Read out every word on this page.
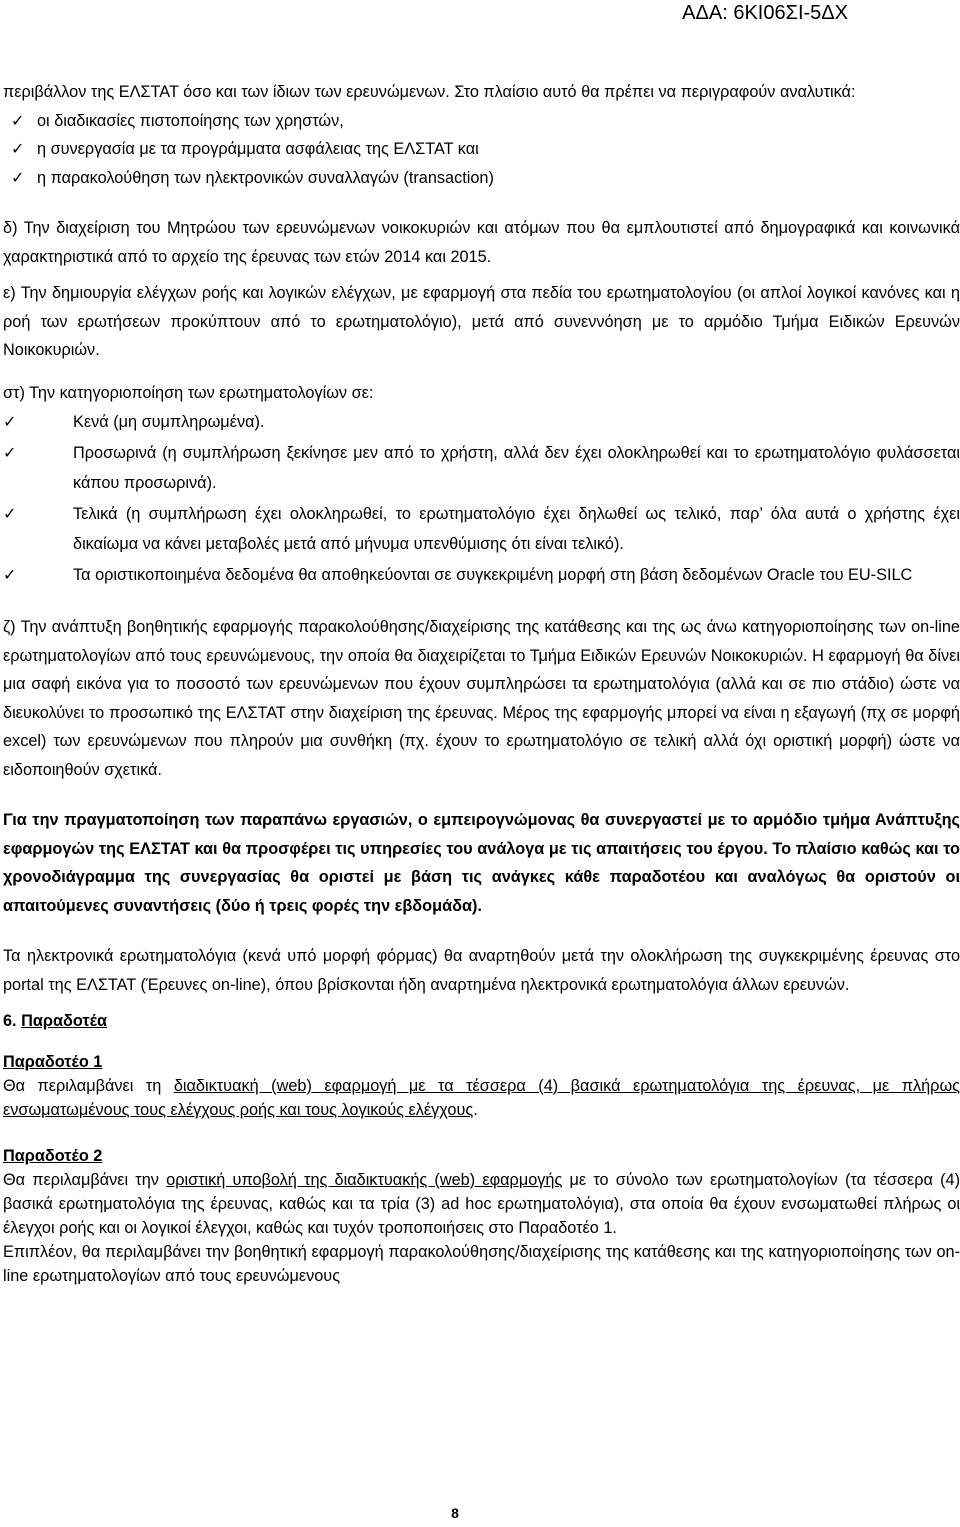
ΑΔΑ: 6ΚΙ06ΣΙ-5ΔΧ

περιβάλλον της ΕΛΣΤΑΤ όσο και των ίδιων των ερευνώμενων. Στο πλαίσιο αυτό θα πρέπει να περιγραφούν αναλυτικά:

✓ οι διαδικασίες πιστοποίησης των χρηστών,
✓ η συνεργασία με τα προγράμματα ασφάλειας της ΕΛΣΤΑΤ και
✓ η παρακολούθηση των ηλεκτρονικών συναλλαγών (transaction)

δ) Την διαχείριση του Μητρώου των ερευνώμενων νοικοκυριών και ατόμων που θα εμπλουτιστεί από δημογραφικά και κοινωνικά χαρακτηριστικά από το αρχείο της έρευνας των ετών 2014 και 2015.

ε) Την δημιουργία ελέγχων ροής και λογικών ελέγχων, με εφαρμογή στα πεδία του ερωτηματολογίου (οι απλοί λογικοί κανόνες και η ροή των ερωτήσεων προκύπτουν από το ερωτηματολόγιο), μετά από συνεννόηση με το αρμόδιο Τμήμα Ειδικών Ερευνών Νοικοκυριών.

στ) Την κατηγοριοποίηση των ερωτηματολογίων σε:

✓ Κενά (μη συμπληρωμένα).
✓ Προσωρινά (η συμπλήρωση ξεκίνησε μεν από το χρήστη, αλλά δεν έχει ολοκληρωθεί και το ερωτηματολόγιο φυλάσσεται κάπου προσωρινά).
✓ Τελικά (η συμπλήρωση έχει ολοκληρωθεί, το ερωτηματολόγιο έχει δηλωθεί ως τελικό, παρ’ όλα αυτά ο χρήστης έχει δικαίωμα να κάνει μεταβολές μετά από μήνυμα υπενθύμισης ότι είναι τελικό).
✓ Τα οριστικοποιημένα δεδομένα θα αποθηκεύονται σε συγκεκριμένη μορφή στη βάση δεδομένων Oracle του EU-SILC

ζ) Την ανάπτυξη βοηθητικής εφαρμογής παρακολούθησης/διαχείρισης της κατάθεσης και της ως άνω κατηγοριοποίησης των on-line ερωτηματολογίων από τους ερευνώμενους, την οποία θα διαχειρίζεται το Τμήμα Ειδικών Ερευνών Νοικοκυριών. Η εφαρμογή θα δίνει μια σαφή εικόνα για το ποσοστό των ερευνώμενων που έχουν συμπληρώσει τα ερωτηματολόγια (αλλά και σε πιο στάδιο) ώστε να διευκολύνει το προσωπικό της ΕΛΣΤΑΤ στην διαχείριση της έρευνας. Μέρος της εφαρμογής μπορεί να είναι η εξαγωγή (πχ σε μορφή excel) των ερευνώμενων που πληρούν μια συνθήκη (πχ. έχουν το ερωτηματολόγιο σε τελική αλλά όχι οριστική μορφή) ώστε να ειδοποιηθούν σχετικά.

Για την πραγματοποίηση των παραπάνω εργασιών, ο εμπειρογνώμονας θα συνεργαστεί με το αρμόδιο τμήμα Ανάπτυξης εφαρμογών της ΕΛΣΤΑΤ και θα προσφέρει τις υπηρεσίες του ανάλογα με τις απαιτήσεις του έργου. Το πλαίσιο καθώς και το χρονοδιάγραμμα της συνεργασίας θα οριστεί με βάση τις ανάγκες κάθε παραδοτέου και αναλόγως θα οριστούν οι απαιτούμενες συναντήσεις (δύο ή τρεις φορές την εβδομάδα).

Τα ηλεκτρονικά ερωτηματολόγια (κενά υπό μορφή φόρμας) θα αναρτηθούν μετά την ολοκλήρωση της συγκεκριμένης έρευνας στο portal της ΕΛΣΤΑΤ (Έρευνες on-line), όπου βρίσκονται ήδη αναρτημένα ηλεκτρονικά ερωτηματολόγια άλλων ερευνών.

6. Παραδοτέα

Παραδοτέο 1

Θα περιλαμβάνει τη διαδικτυακή (web) εφαρμογή με τα τέσσερα (4) βασικά ερωτηματολόγια της έρευνας, με πλήρως ενσωματωμένους τους ελέγχους ροής και τους λογικούς ελέγχους.

Παραδοτέο 2

Θα περιλαμβάνει την οριστική υποβολή της διαδικτυακής (web) εφαρμογής με το σύνολο των ερωτηματολογίων (τα τέσσερα (4) βασικά ερωτηματολόγια της έρευνας, καθώς και τα τρία (3) ad hoc ερωτηματολόγια), στα οποία θα έχουν ενσωματωθεί πλήρως οι έλεγχοι ροής και οι λογικοί έλεγχοι, καθώς και τυχόν τροποποιήσεις στο Παραδοτέο 1.

Επιπλέον, θα περιλαμβάνει την βοηθητική εφαρμογή παρακολούθησης/διαχείρισης της κατάθεσης και της κατηγοριοποίησης των on-line ερωτηματολογίων από τους ερευνώμενους

8
